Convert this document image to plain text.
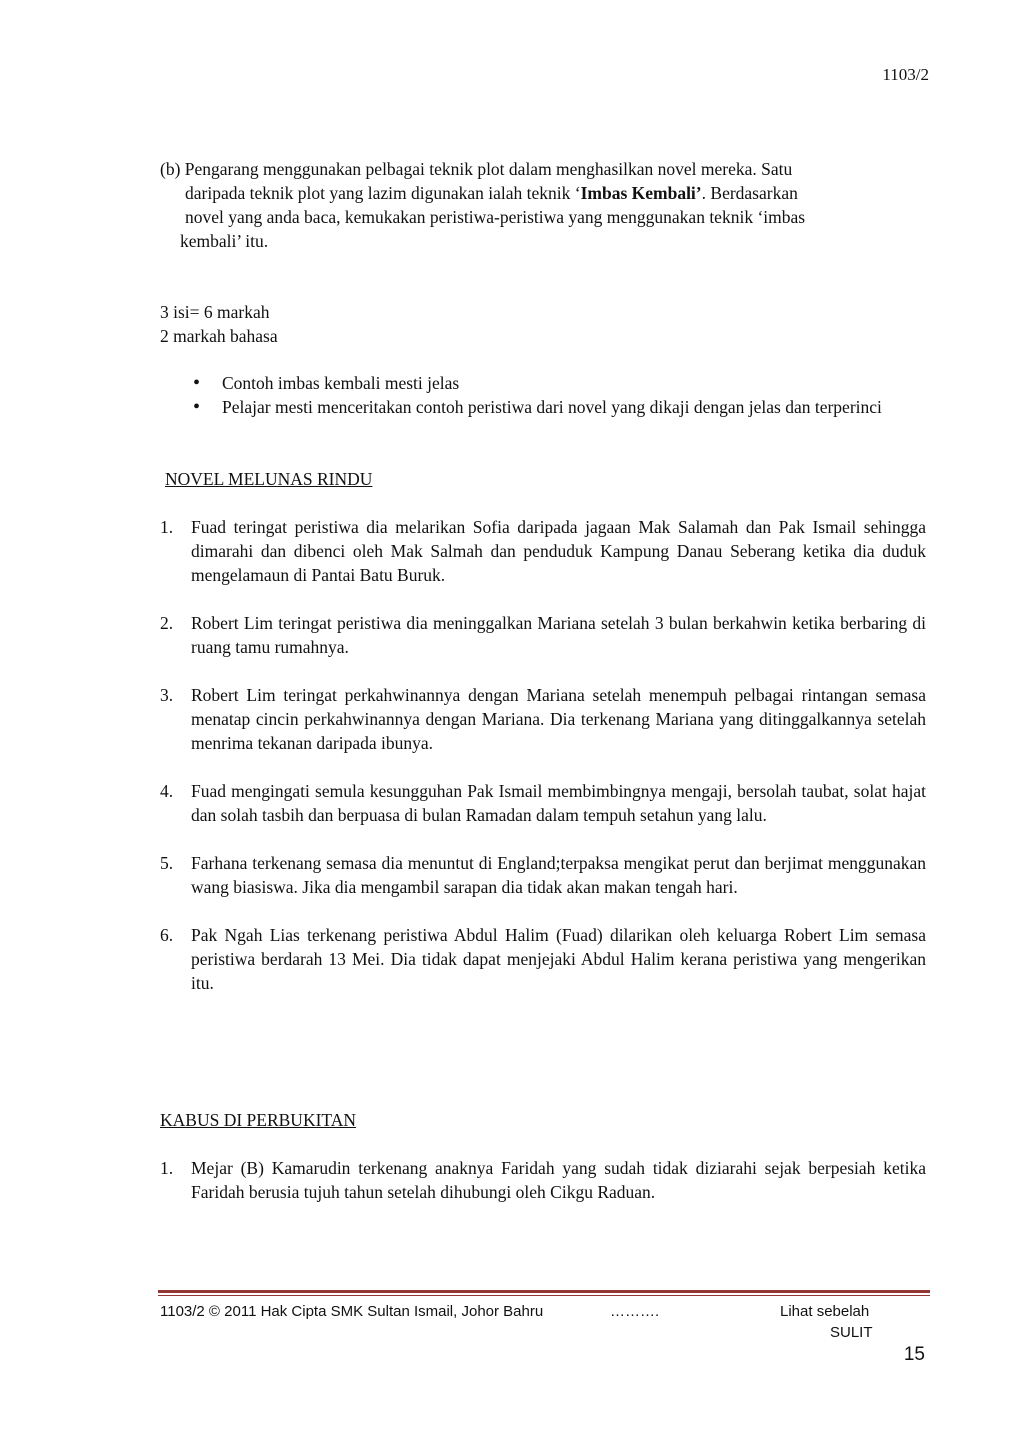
1103/2
(b) Pengarang menggunakan pelbagai teknik plot dalam menghasilkan novel mereka. Satu

daripada teknik plot yang lazim digunakan ialah teknik ‘Imbas Kembali’. Berdasarkan
novel yang anda baca, kemukakan peristiwa-peristiwa yang menggunakan teknik ‘imbas
kembali’ itu.
3 isi= 6 markah
2 markah bahasa
• Contoh imbas kembali mesti jelas
• Pelajar mesti menceritakan contoh peristiwa dari novel yang dikaji dengan jelas dan terperinci
NOVEL MELUNAS RINDU
1. Fuad teringat peristiwa dia melarikan Sofia daripada jagaan Mak Salamah dan Pak Ismail sehingga dimarahi dan dibenci oleh Mak Salmah dan penduduk Kampung Danau Seberang ketika dia duduk mengelamaun di Pantai Batu Buruk.
2. Robert Lim teringat peristiwa dia meninggalkan Mariana setelah 3 bulan berkahwin ketika berbaring di ruang tamu rumahnya.
3. Robert Lim teringat perkahwinannya dengan Mariana setelah menempuh pelbagai rintangan semasa menatap cincin perkahwinannya dengan Mariana. Dia terkenang Mariana yang ditinggalkannya setelah menrima tekanan daripada ibunya.
4. Fuad mengingati semula kesungguhan Pak Ismail membimbingnya mengaji, bersolah taubat, solat hajat dan solah tasbih dan berpuasa di bulan Ramadan dalam tempuh setahun yang lalu.
5. Farhana terkenang semasa dia menuntut di England;terpaksa mengikat perut dan berjimat menggunakan wang biasiswa. Jika dia mengambil sarapan dia tidak akan makan tengah hari.
6. Pak Ngah Lias terkenang peristiwa Abdul Halim (Fuad) dilarikan oleh keluarga Robert Lim semasa peristiwa berdarah 13 Mei. Dia tidak dapat menjejaki Abdul Halim kerana peristiwa yang mengerikan itu.
KABUS DI PERBUKITAN
1. Mejar (B) Kamarudin terkenang anaknya Faridah yang sudah tidak diziarahi sejak berpesiah ketika Faridah berusia tujuh tahun setelah dihubungi oleh Cikgu Raduan.
1103/2 © 2011 Hak Cipta SMK Sultan Ismail, Johor Bahru	……….	Lihat sebelah
SULIT
15
